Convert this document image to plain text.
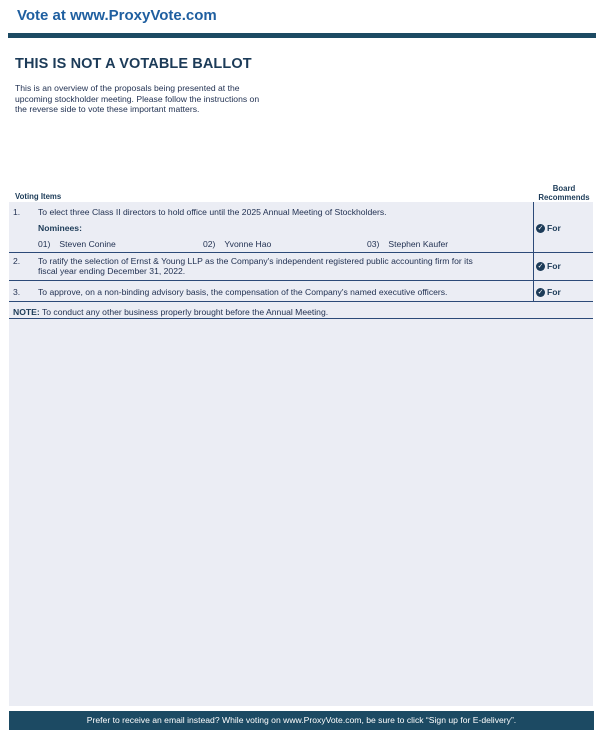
Vote at www.ProxyVote.com
THIS IS NOT A VOTABLE BALLOT
This is an overview of the proposals being presented at the
upcoming stockholder meeting. Please follow the instructions on
the reverse side to vote these important matters.
Voting Items
Board
Recommends
1. To elect three Class II directors to hold office until the 2025 Annual Meeting of Stockholders.
Nominees:
01) Steven Conine	02) Yvonne Hao	03) Stephen Kaufer
✓ For
2. To ratify the selection of Ernst & Young LLP as the Company's independent registered public accounting firm for its
fiscal year ending December 31, 2022.	✓ For
3. To approve, on a non-binding advisory basis, the compensation of the Company's named executive officers.	✓ For
NOTE: To conduct any other business properly brought before the Annual Meeting.
Prefer to receive an email instead? While voting on www.ProxyVote.com, be sure to click “Sign up for E-delivery”.
